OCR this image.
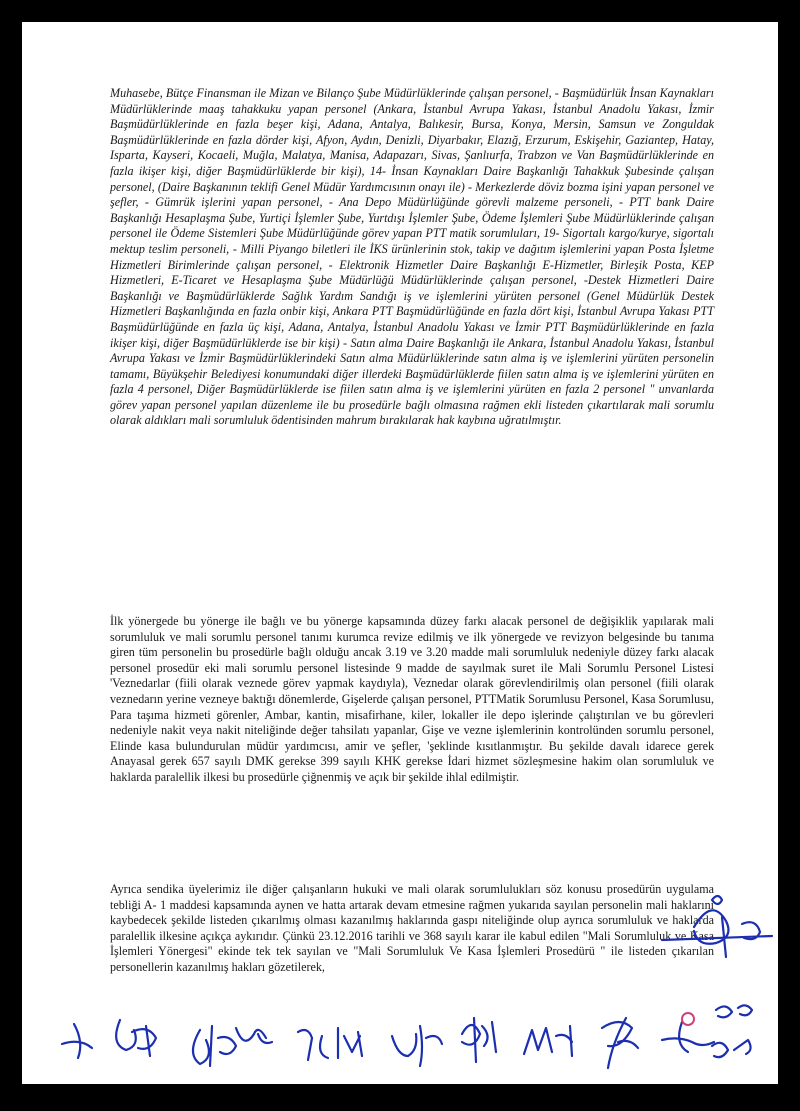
Muhasebe, Bütçe Finansman ile Mizan ve Bilanço Şube Müdürlüklerinde çalışan personel, - Başmüdürlük İnsan Kaynakları Müdürlüklerinde maaş tahakkuku yapan personel (Ankara, İstanbul Avrupa Yakası, İstanbul Anadolu Yakası, İzmir Başmüdürlüklerinde en fazla beşer kişi, Adana, Antalya, Balıkesir, Bursa, Konya, Mersin, Samsun ve Zonguldak Başmüdürlüklerinde en fazla dörder kişi, Afyon, Aydın, Denizli, Diyarbakır, Elazığ, Erzurum, Eskişehir, Gaziantep, Hatay, Isparta, Kayseri, Kocaeli, Muğla, Malatya, Manisa, Adapazarı, Sivas, Şanlıurfa, Trabzon ve Van Başmüdürlüklerinde en fazla ikişer kişi, diğer Başmüdürlüklerde bir kişi), 14- İnsan Kaynakları Daire Başkanlığı Tahakkuk Şubesinde çalışan personel, (Daire Başkanının teklifi Genel Müdür Yardımcısının onayı ile) - Merkezlerde döviz bozma işini yapan personel ve şefler, - Gümrük işlerini yapan personel, - Ana Depo Müdürlüğünde görevli malzeme personeli, - PTT bank Daire Başkanlığı Hesaplaşma Şube, Yurtiçi İşlemler Şube, Yurtdışı İşlemler Şube, Ödeme İşlemleri Şube Müdürlüklerinde çalışan personel ile Ödeme Sistemleri Şube Müdürlüğünde görev yapan PTT matik sorumluları, 19- Sigortalı kargo/kurye, sigortalı mektup teslim personeli, - Milli Piyango biletleri ile İKS ürünlerinin stok, takip ve dağıtım işlemlerini yapan Posta İşletme Hizmetleri Birimlerinde çalışan personel, - Elektronik Hizmetler Daire Başkanlığı E-Hizmetler, Birleşik Posta, KEP Hizmetleri, E-Ticaret ve Hesaplaşma Şube Müdürlüğü Müdürlüklerinde çalışan personel, -Destek Hizmetleri Daire Başkanlığı ve Başmüdürlüklerde Sağlık Yardım Sandığı iş ve işlemlerini yürüten personel (Genel Müdürlük Destek Hizmetleri Başkanlığında en fazla onbir kişi, Ankara PTT Başmüdürlüğünde en fazla dört kişi, İstanbul Avrupa Yakası PTT Başmüdürlüğünde en fazla üç kişi, Adana, Antalya, İstanbul Anadolu Yakası ve İzmir PTT Başmüdürlüklerinde en fazla ikişer kişi, diğer Başmüdürlüklerde ise bir kişi) - Satın alma Daire Başkanlığı ile Ankara, İstanbul Anadolu Yakası, İstanbul Avrupa Yakası ve İzmir Başmüdürlüklerindeki Satın alma Müdürlüklerinde satın alma iş ve işlemlerini yürüten personelin tamamı, Büyükşehir Belediyesi konumundaki diğer illerdeki Başmüdürlüklerde fiilen satın alma iş ve işlemlerini yürüten en fazla 4 personel, Diğer Başmüdürlüklerde ise fiilen satın alma iş ve işlemlerini yürüten en fazla 2 personel " unvanlarda görev yapan personel yapılan düzenleme ile bu prosedürle bağlı olmasına rağmen ekli listeden çıkartılarak mali sorumlu olarak aldıkları mali sorumluluk ödentisinden mahrum bırakılarak hak kaybına uğratılmıştır.

İlk yönergede bu yönerge ile bağlı ve bu yönerge kapsamında düzey farkı alacak personel de değişiklik yapılarak mali sorumluluk ve mali sorumlu personel tanımı kurumca revize edilmiş ve ilk yönergede ve revizyon belgesinde bu tanıma giren tüm personelin bu prosedürle bağlı olduğu ancak 3.19 ve 3.20 madde mali sorumluluk nedeniyle düzey farkı alacak personel prosedür eki mali sorumlu personel listesinde 9 madde de sayılmak suret ile Mali Sorumlu Personel Listesi 'Veznedarlar (fiili olarak veznede görev yapmak kaydıyla), Veznedar olarak görevlendirilmiş olan personel (fiili olarak veznedarın yerine vezneye baktığı dönemlerde, Gişelerde çalışan personel, PTTMatik Sorumlusu Personel, Kasa Sorumlusu, Para taşıma hizmeti görenler, Ambar, kantin, misafirhane, kiler, lokaller ile depo işlerinde çalıştırılan ve bu görevleri nedeniyle nakit veya nakit niteliğinde değer tahsilatı yapanlar, Gişe ve vezne işlemlerinin kontrolünden sorumlu personel, Elinde kasa bulundurulan müdür yardımcısı, amir ve şefler, 'şeklinde kısıtlanmıştır. Bu şekilde davalı idarece gerek Anayasal gerek 657 sayılı DMK gerekse 399 sayılı KHK gerekse İdari hizmet sözleşmesine hakim olan sorumluluk ve haklarda paralellik ilkesi bu prosedürle çiğnenmiş ve açık bir şekilde ihlal edilmiştir.

Ayrıca sendika üyelerimiz ile diğer çalışanların hukuki ve mali olarak sorumlulukları söz konusu prosedürün uygulama tebliği A- 1 maddesi kapsamında aynen ve hatta artarak devam etmesine rağmen yukarıda sayılan personelin mali haklarını kaybedecek şekilde listeden çıkarılmış olması kazanılmış haklarında gaspı niteliğinde olup ayrıca sorumluluk ve haklarda paralellik ilkesine açıkça aykırıdır. Çünkü 23.12.2016 tarihli ve 368 sayılı karar ile kabul edilen "Mali Sorumluluk ve Kasa İşlemleri Yönergesi" ekinde tek tek sayılan ve "Mali Sorumluluk Ve Kasa İşlemleri Prosedürü " ile listeden çıkarılan personellerin kazanılmış hakları gözetilerek,
